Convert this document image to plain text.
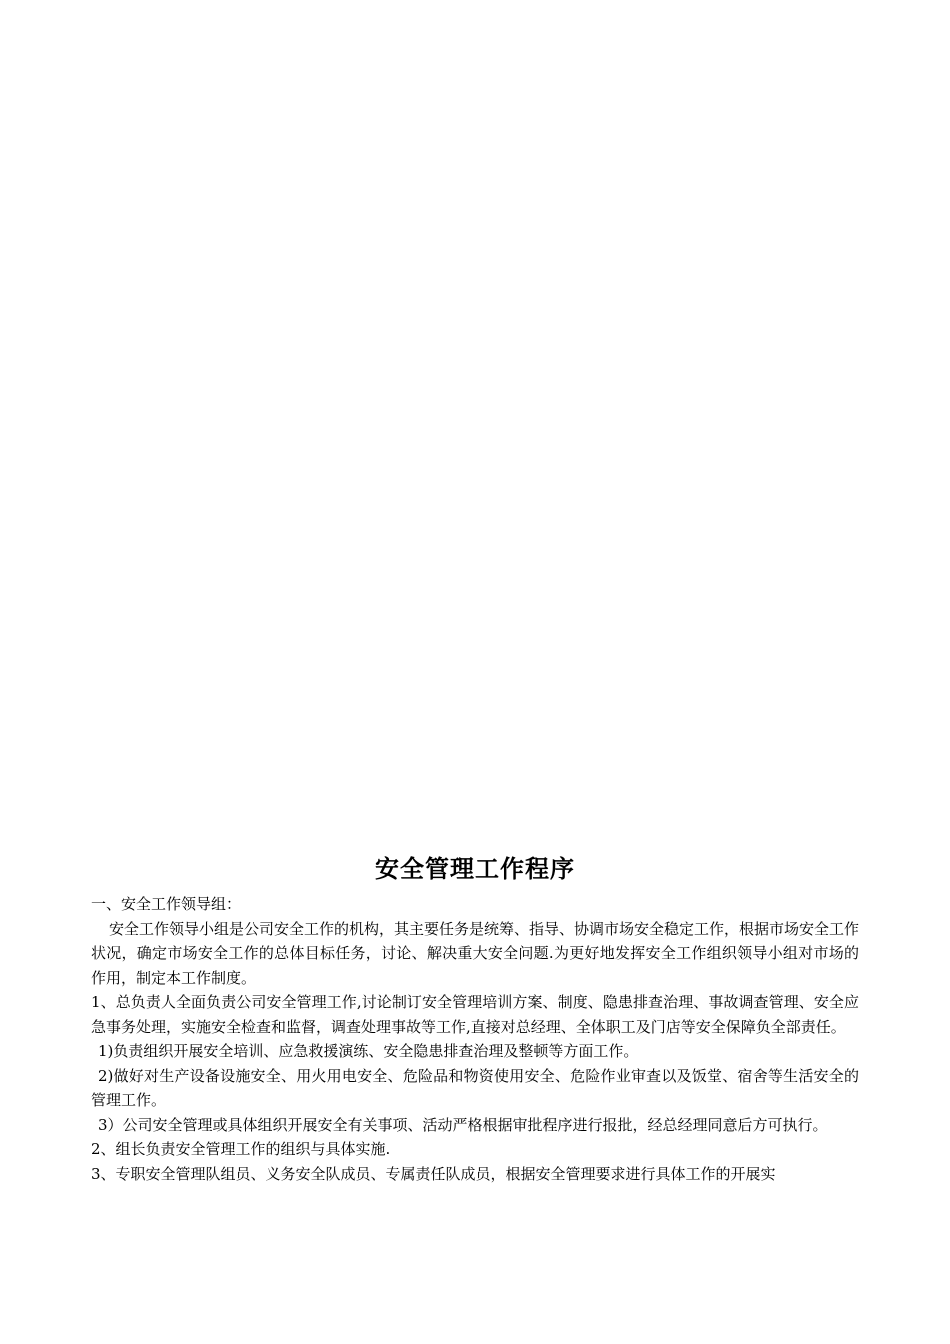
安全管理工作程序

一、安全工作领导组：

安全工作领导小组是公司安全工作的机构，其主要任务是统筹、指导、协调市场安全稳定工作，根据市场安全工作状况，确定市场安全工作的总体目标任务，讨论、解决重大安全问题.为更好地发挥安全工作组织领导小组对市场的作用，制定本工作制度。

1、总负责人全面负责公司安全管理工作,讨论制订安全管理培训方案、制度、隐患排查治理、事故调查管理、安全应急事务处理，实施安全检查和监督，调查处理事故等工作,直接对总经理、全体职工及门店等安全保障负全部责任。

1)负责组织开展安全培训、应急救援演练、安全隐患排查治理及整顿等方面工作。

2)做好对生产设备设施安全、用火用电安全、危险品和物资使用安全、危险作业审查以及饭堂、宿舍等生活安全的管理工作。

3）公司安全管理或具体组织开展安全有关事项、活动严格根据审批程序进行报批，经总经理同意后方可执行。

2、组长负责安全管理工作的组织与具体实施.

3、专职安全管理队组员、义务安全队成员、专属责任队成员，根据安全管理要求进行具体工作的开展实
